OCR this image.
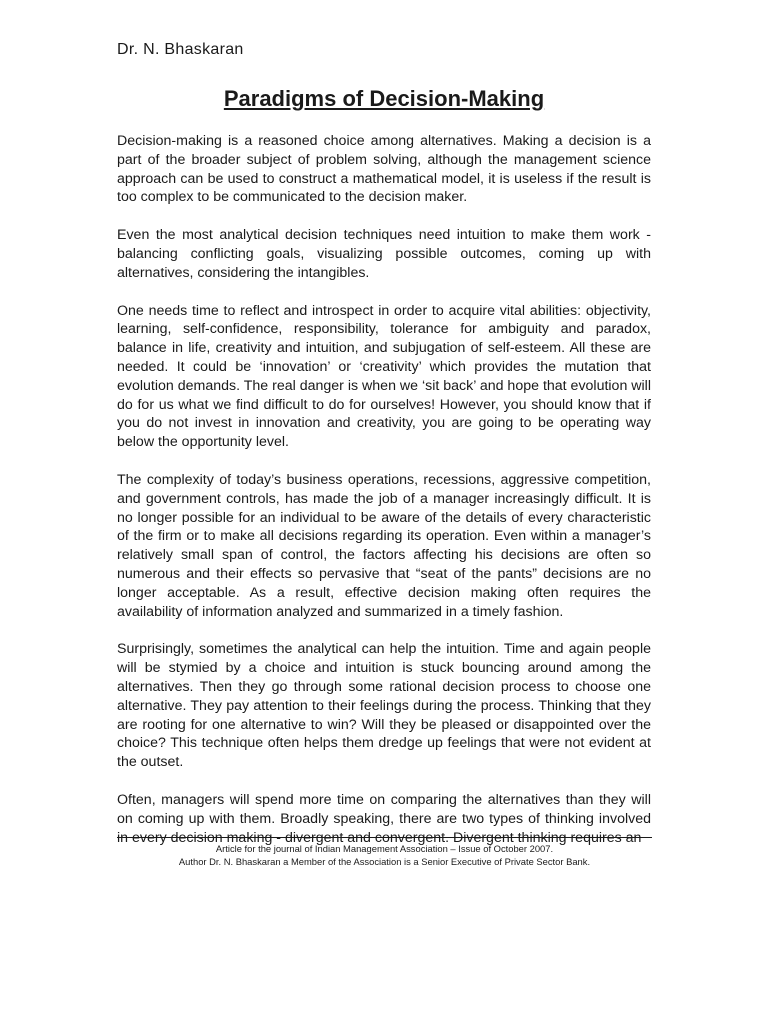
Dr. N. Bhaskaran

Paradigms of Decision-Making

Decision-making is a reasoned choice among alternatives. Making a decision is a part of the broader subject of problem solving, although the management science approach can be used to construct a mathematical model, it is useless if the result is too complex to be communicated to the decision maker.

Even the most analytical decision techniques need intuition to make them work - balancing conflicting goals, visualizing possible outcomes, coming up with alternatives, considering the intangibles.

One needs time to reflect and introspect in order to acquire vital abilities: objectivity, learning, self-confidence, responsibility, tolerance for ambiguity and paradox, balance in life, creativity and intuition, and subjugation of self-esteem. All these are needed. It could be ‘innovation’ or ‘creativity’ which provides the mutation that evolution demands. The real danger is when we ‘sit back’ and hope that evolution will do for us what we find difficult to do for ourselves! However, you should know that if you do not invest in innovation and creativity, you are going to be operating way below the opportunity level.

The complexity of today’s business operations, recessions, aggressive competition, and government controls, has made the job of a manager increasingly difficult. It is no longer possible for an individual to be aware of the details of every characteristic of the firm or to make all decisions regarding its operation. Even within a manager’s relatively small span of control, the factors affecting his decisions are often so numerous and their effects so pervasive that “seat of the pants” decisions are no longer acceptable. As a result, effective decision making often requires the availability of information analyzed and summarized in a timely fashion.

Surprisingly, sometimes the analytical can help the intuition. Time and again people will be stymied by a choice and intuition is stuck bouncing around among the alternatives. Then they go through some rational decision process to choose one alternative. They pay attention to their feelings during the process. Thinking that they are rooting for one alternative to win? Will they be pleased or disappointed over the choice? This technique often helps them dredge up feelings that were not evident at the outset.

Often, managers will spend more time on comparing the alternatives than they will on coming up with them. Broadly speaking, there are two types of thinking involved in every decision making - divergent and convergent. Divergent thinking requires an

Article for the journal of Indian Management Association – Issue of October 2007.
Author Dr. N. Bhaskaran a Member of the Association is a Senior Executive of Private Sector Bank.
